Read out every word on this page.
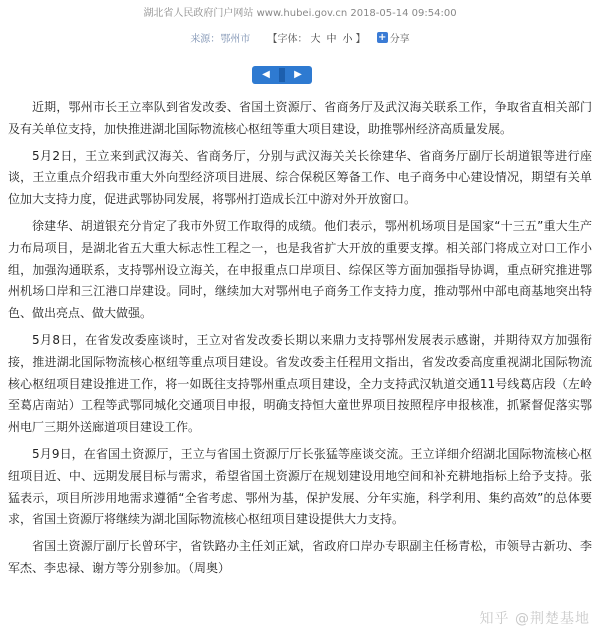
湖北省人民政府门户网站 www.hubei.gov.cn 2018-05-14 09:54:00
来源：鄂州市 【字体： 大 中 小 】 + 分享
◀	▶

近期，鄂州市长王立率队到省发改委、省国土资源厅、省商务厅及武汉海关联系工作，争取省直相关部门及有关单位支持，加快推进湖北国际物流核心枢纽等重大项目建设，助推鄂州经济高质量发展。

5月2日，王立来到武汉海关、省商务厅，分别与武汉海关关长徐建华、省商务厅副厅长胡道银等进行座谈，王立重点介绍我市重大外向型经济项目进展、综合保税区筹备工作、电子商务中心建设情况，期望有关单位加大支持力度，促进武鄂协同发展，将鄂州打造成长江中游对外开放窗口。

徐建华、胡道银充分肯定了我市外贸工作取得的成绩。他们表示，鄂州机场项目是国家“十三五”重大生产力布局项目，是湖北省五大重大标志性工程之一，也是我省扩大开放的重要支撑。相关部门将成立对口工作小组，加强沟通联系，支持鄂州设立海关，在申报重点口岸项目、综保区等方面加强指导协调，重点研究推进鄂州机场口岸和三江港口岸建设。同时，继续加大对鄂州电子商务工作支持力度，推动鄂州中部电商基地突出特色、做出亮点、做大做强。

5月8日，在省发改委座谈时，王立对省发改委长期以来鼎力支持鄂州发展表示感谢，并期待双方加强衔接，推进湖北国际物流核心枢纽等重点项目建设。省发改委主任程用文指出，省发改委高度重视湖北国际物流核心枢纽项目建设推进工作，将一如既往支持鄂州重点项目建设，全力支持武汉轨道交通11号线葛店段（左岭至葛店南站）工程等武鄂同城化交通项目申报，明确支持恒大童世界项目按照程序申报核准，抓紧督促落实鄂州电厂三期外送廊道项目建设工作。

5月9日，在省国土资源厅，王立与省国土资源厅厅长张猛等座谈交流。王立详细介绍湖北国际物流核心枢纽项目近、中、远期发展目标与需求，希望省国土资源厅在规划建设用地空间和补充耕地指标上给予支持。张猛表示，项目所涉用地需求遵循“全省考虑、鄂州为基，保护发展、分年实施，科学利用、集约高效”的总体要求，省国土资源厅将继续为湖北国际物流核心枢纽项目建设提供大力支持。

省国土资源厅副厅长曾环宇，省铁路办主任刘正斌，省政府口岸办专职副主任杨青松，市领导古新功、李军杰、李忠禄、谢方等分别参加。（周奥）

知乎 @荆楚基地
